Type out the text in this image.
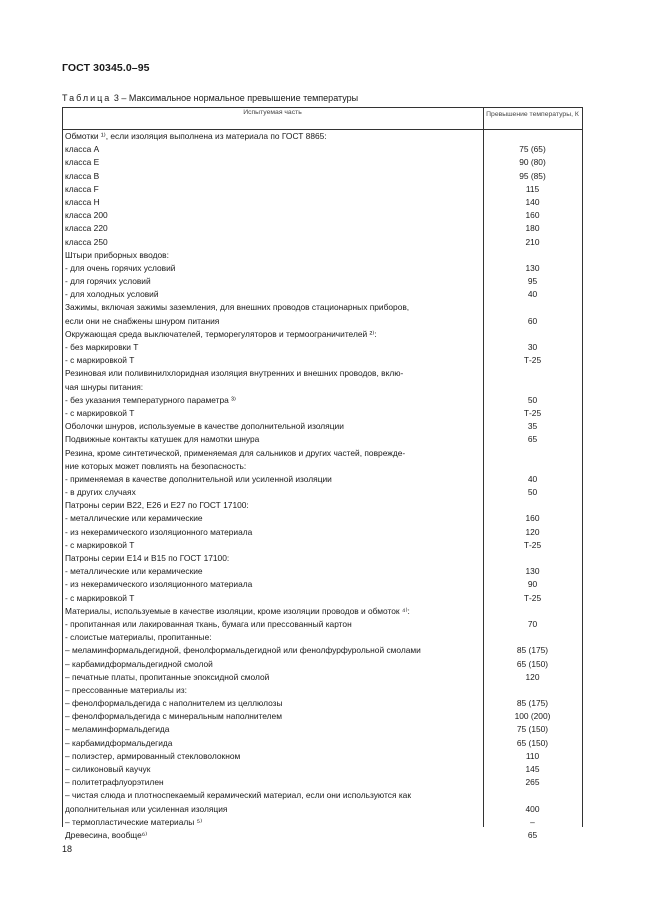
ГОСТ 30345.0–95
Таблица 3 – Максимальное нормальное превышение температуры
Испытуемая часть	Превышение температуры, К
Обмотки ¹⁾, если изоляция выполнена из материала по ГОСТ 8865:
класса А	75 (65)
класса Е	90 (80)
класса В	95 (85)
класса F	115
класса Н	140
класса 200	160
класса 220	180
класса 250	210
Штыри приборных вводов:
- для очень горячих условий	130
- для горячих условий	95
- для холодных условий	40
Зажимы, включая зажимы заземления, для внешних проводов стационарных приборов,
если они не снабжены шнуром питания	60
Окружающая среда выключателей, терморегуляторов и термоограничителей ²⁾:
- без маркировки Т	30
- с маркировкой Т	Т-25
Резиновая или поливинилхлоридная изоляция внутренних и внешних проводов, вклю-
чая шнуры питания:
- без указания температурного параметра ³⁾	50
- с маркировкой Т	Т-25
Оболочки шнуров, используемые в качестве дополнительной изоляции	35
Подвижные контакты катушек для намотки шнура	65
Резина, кроме синтетической, применяемая для сальников и других частей, поврежде-
ние которых может повлиять на безопасность:
- применяемая в качестве дополнительной или усиленной изоляции	40
- в других случаях	50
Патроны серии В22, Е26 и Е27 по ГОСТ 17100:
- металлические или керамические	160
- из некерамического изоляционного материала	120
- с маркировкой Т	Т-25
Патроны серии Е14 и В15 по ГОСТ 17100:
- металлические или керамические	130
- из некерамического изоляционного материала	90
- с маркировкой Т	Т-25
Материалы, используемые в качестве изоляции, кроме изоляции проводов и обмоток ⁴⁾:
- пропитанная или лакированная ткань, бумага или прессованный картон	70
- слоистые материалы, пропитанные:
– меламинформальдегидной, фенолформальдегидной или фенолфурфурольной смолами	85 (175)
– карбамидформальдегидной смолой	65 (150)
– печатные платы, пропитанные эпоксидной смолой	120
– прессованные материалы из:
– фенолформальдегида с наполнителем из целлюлозы	85 (175)
– фенолформальдегида с минеральным наполнителем	100 (200)
– меламинформальдегида	75 (150)
– карбамидформальдегида	65 (150)
– полиэстер, армированный стекловолокном	110
– силиконовый каучук	145
– политетрафлуорэтилен	265
– чистая слюда и плотноспекаемый керамический материал, если они используются как
дополнительная или усиленная изоляция	400
– термопластические материалы ⁵⁾	–
Древесина, вообще⁶⁾	65
18
